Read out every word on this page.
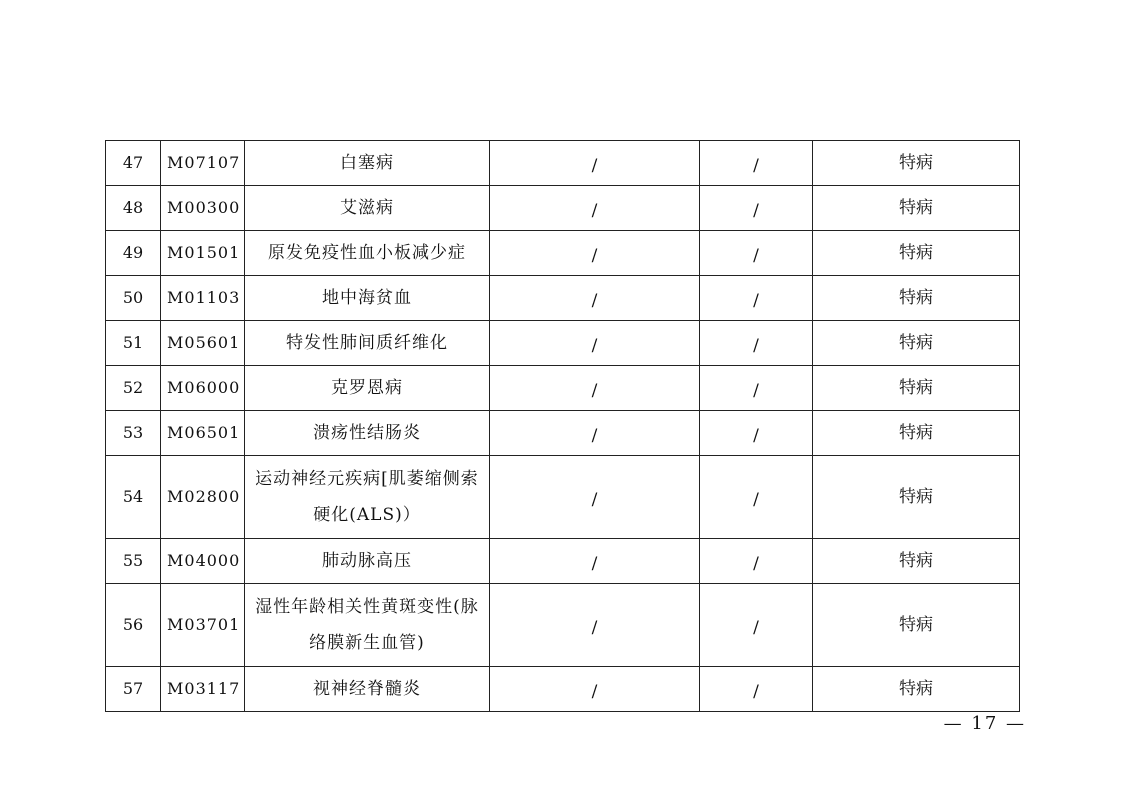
47	M07107	白塞病	/	/	特病
48	M00300	艾滋病	/	/	特病
49	M01501	原发免疫性血小板减少症	/	/	特病
50	M01103	地中海贫血	/	/	特病
51	M05601	特发性肺间质纤维化	/	/	特病
52	M06000	克罗恩病	/	/	特病
53	M06501	溃疡性结肠炎	/	/	特病
54	M02800	运动神经元疾病[肌萎缩侧索硬化(ALS)）	/	/	特病
55	M04000	肺动脉高压	/	/	特病
56	M03701	湿性年龄相关性黄斑变性(脉络膜新生血管)	/	/	特病
57	M03117	视神经脊髓炎	/	/	特病
— 17 —
